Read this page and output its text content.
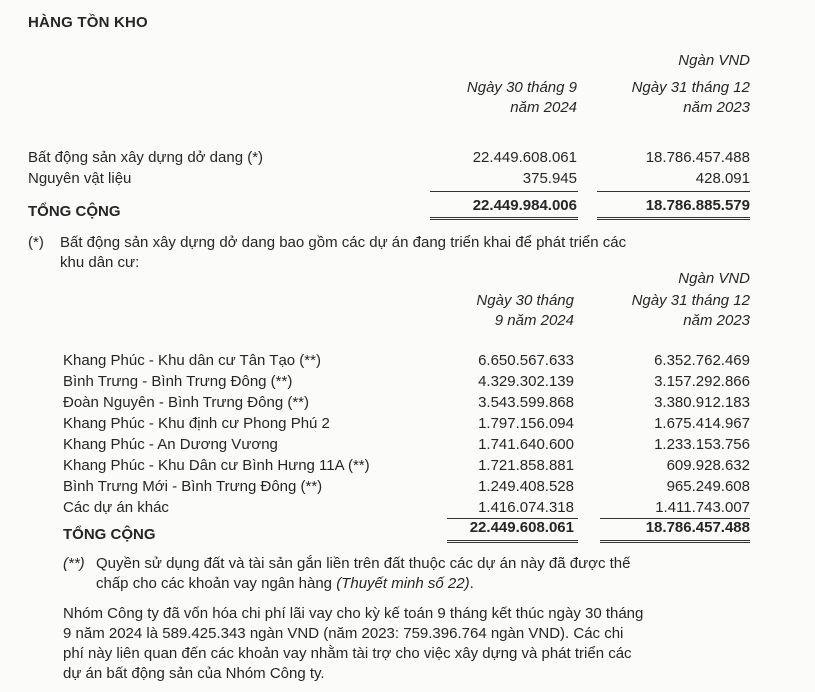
HÀNG TỒN KHO
Ngàn VND
Ngày 30 tháng 9
năm 2024
Ngày 31 tháng 12
năm 2023
Bất động sản xây dựng dở dang (*)	22.449.608.061	18.786.457.488
Nguyên vật liệu	375.945	428.091
TỔNG CỘNG	22.449.984.006	18.786.885.579
(*) Bất động sản xây dựng dở dang bao gồm các dự án đang triển khai để phát triển các
khu dân cư:
Ngàn VND
Ngày 30 tháng
9 năm 2024
Ngày 31 tháng 12
năm 2023
Khang Phúc - Khu dân cư Tân Tạo (**)	6.650.567.633	6.352.762.469
Bình Trưng - Bình Trưng Đông (**)	4.329.302.139	3.157.292.866
Đoàn Nguyên - Bình Trưng Đông (**)	3.543.599.868	3.380.912.183
Khang Phúc - Khu định cư Phong Phú 2	1.797.156.094	1.675.414.967
Khang Phúc - An Dương Vương	1.741.640.600	1.233.153.756
Khang Phúc - Khu Dân cư Bình Hưng 11A (**)	1.721.858.881	609.928.632
Bình Trưng Mới - Bình Trưng Đông (**)	1.249.408.528	965.249.608
Các dự án khác	1.416.074.318	1.411.743.007
TỔNG CỘNG	22.449.608.061	18.786.457.488
(**) Quyền sử dụng đất và tài sản gắn liền trên đất thuộc các dự án này đã được thế
chấp cho các khoản vay ngân hàng (Thuyết minh số 22).
Nhóm Công ty đã vốn hóa chi phí lãi vay cho kỳ kế toán 9 tháng kết thúc ngày 30 tháng
9 năm 2024 là 589.425.343 ngàn VND (năm 2023: 759.396.764 ngàn VND). Các chi
phí này liên quan đến các khoản vay nhằm tài trợ cho việc xây dựng và phát triển các
dự án bất động sản của Nhóm Công ty.
